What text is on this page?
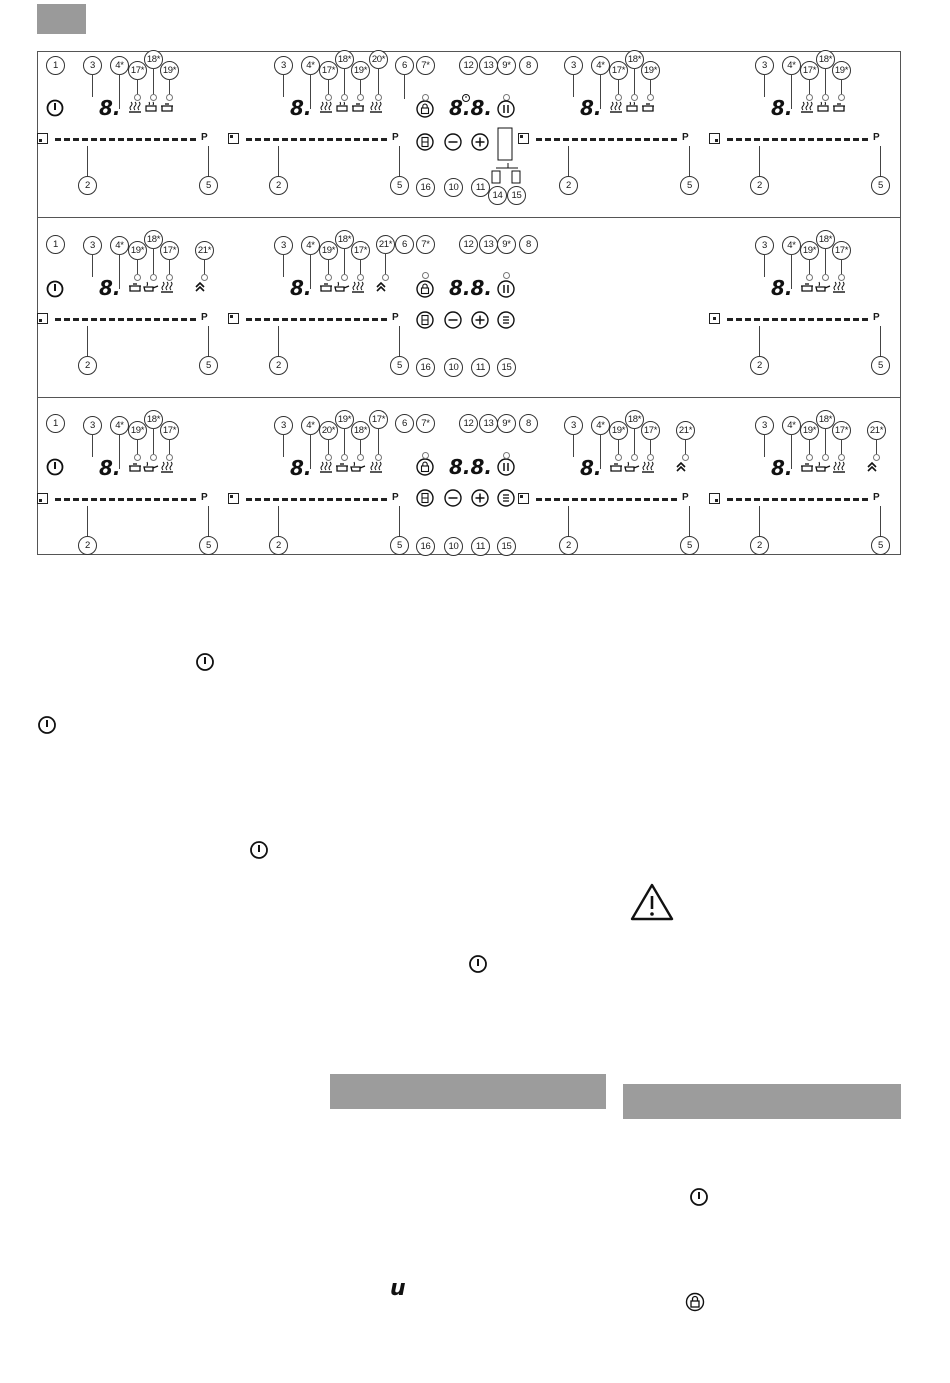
1
P
2	5
8.
3	4* 17*
18*
19*
P
2	5
8.
3	4* 17*
18*
19*
20*
P
2	5
8.
3	4* 17*
18*
19*
P
2	5
8.
3	4* 17*
18*
19*
6	7*
16
12
8.8.
13 9*	8
10	11
14 15
1
P
2	5
8.
3	4* 19*
18*
17* 21*
P
2	5
8.
3	4* 19*
18*
17*
21*
P
2	5
8.
3	4* 19*
18*
17*
6	7*
16
12
8.8.
13 9*	8
10	11	15
1
P
2	5
8.
3	4* 19*
18*
17*
P
2	5
8.
3	4* 20*
19*
18*
17*
P
2	5
8.
3	4* 19*
18*
17* 21*
P
2	5
8.
3	4* 19*
18*
17* 21*
6	7*
16
12
8.8.
13 9*	8
10	11	15
u
